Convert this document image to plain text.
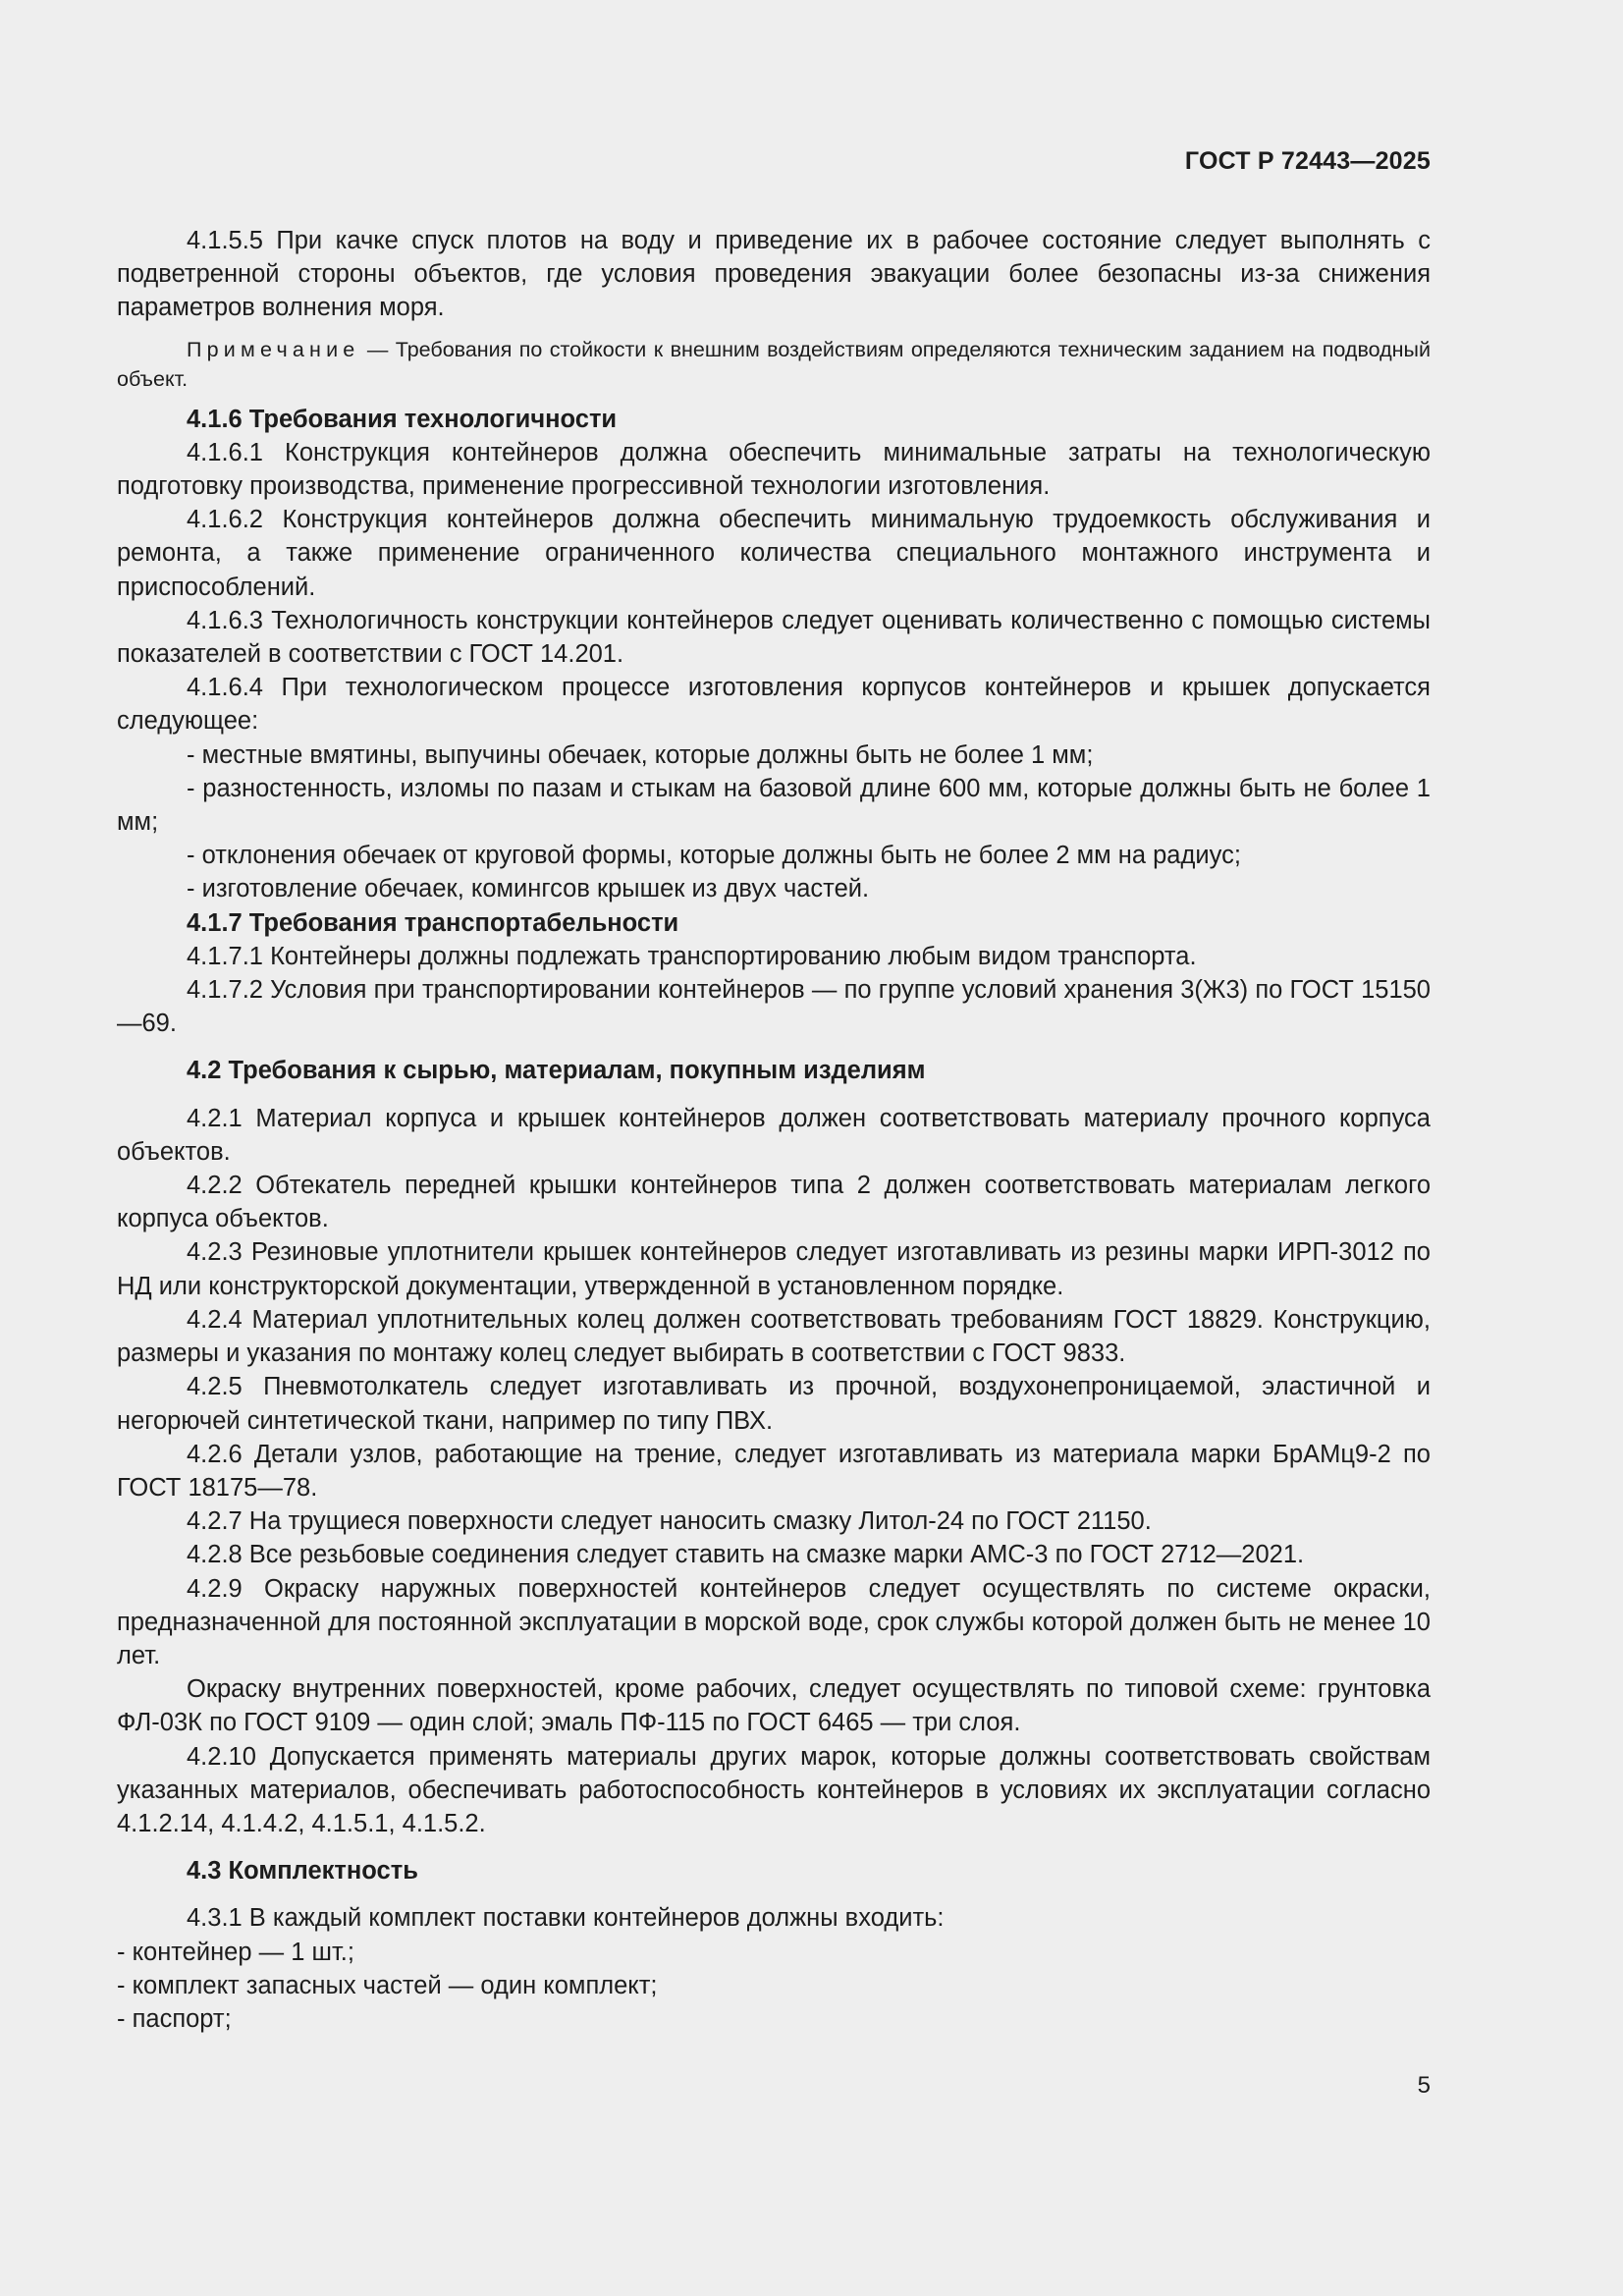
ГОСТ Р 72443—2025

4.1.5.5 При качке спуск плотов на воду и приведение их в рабочее состояние следует выполнять с подветренной стороны объектов, где условия проведения эвакуации более безопасны из-за снижения параметров волнения моря.

Примечание — Требования по стойкости к внешним воздействиям определяются техническим заданием на подводный объект.

4.1.6 Требования технологичности

4.1.6.1 Конструкция контейнеров должна обеспечить минимальные затраты на технологическую подготовку производства, применение прогрессивной технологии изготовления.

4.1.6.2 Конструкция контейнеров должна обеспечить минимальную трудоемкость обслуживания и ремонта, а также применение ограниченного количества специального монтажного инструмента и приспособлений.

4.1.6.3 Технологичность конструкции контейнеров следует оценивать количественно с помощью системы показателей в соответствии с ГОСТ 14.201.

4.1.6.4 При технологическом процессе изготовления корпусов контейнеров и крышек допускается следующее:

- местные вмятины, выпучины обечаек, которые должны быть не более 1 мм;

- разностенность, изломы по пазам и стыкам на базовой длине 600 мм, которые должны быть не более 1 мм;

- отклонения обечаек от круговой формы, которые должны быть не более 2 мм на радиус;

- изготовление обечаек, комингсов крышек из двух частей.

4.1.7 Требования транспортабельности

4.1.7.1 Контейнеры должны подлежать транспортированию любым видом транспорта.

4.1.7.2 Условия при транспортировании контейнеров — по группе условий хранения 3(Ж3) по ГОСТ 15150—69.

4.2 Требования к сырью, материалам, покупным изделиям

4.2.1 Материал корпуса и крышек контейнеров должен соответствовать материалу прочного корпуса объектов.

4.2.2 Обтекатель передней крышки контейнеров типа 2 должен соответствовать материалам легкого корпуса объектов.

4.2.3 Резиновые уплотнители крышек контейнеров следует изготавливать из резины марки ИРП-3012 по НД или конструкторской документации, утвержденной в установленном порядке.

4.2.4 Материал уплотнительных колец должен соответствовать требованиям ГОСТ 18829. Конструкцию, размеры и указания по монтажу колец следует выбирать в соответствии с ГОСТ 9833.

4.2.5 Пневмотолкатель следует изготавливать из прочной, воздухонепроницаемой, эластичной и негорючей синтетической ткани, например по типу ПВХ.

4.2.6 Детали узлов, работающие на трение, следует изготавливать из материала марки БрАМц9-2 по ГОСТ 18175—78.

4.2.7 На трущиеся поверхности следует наносить смазку Литол-24 по ГОСТ 21150.

4.2.8 Все резьбовые соединения следует ставить на смазке марки АМС-3 по ГОСТ 2712—2021.

4.2.9 Окраску наружных поверхностей контейнеров следует осуществлять по системе окраски, предназначенной для постоянной эксплуатации в морской воде, срок службы которой должен быть не менее 10 лет.

Окраску внутренних поверхностей, кроме рабочих, следует осуществлять по типовой схеме: грунтовка ФЛ-03К по ГОСТ 9109 — один слой; эмаль ПФ-115 по ГОСТ 6465 — три слоя.

4.2.10 Допускается применять материалы других марок, которые должны соответствовать свойствам указанных материалов, обеспечивать работоспособность контейнеров в условиях их эксплуатации согласно 4.1.2.14, 4.1.4.2, 4.1.5.1, 4.1.5.2.

4.3 Комплектность

4.3.1 В каждый комплект поставки контейнеров должны входить:

- контейнер — 1 шт.;

- комплект запасных частей — один комплект;

- паспорт;

5
